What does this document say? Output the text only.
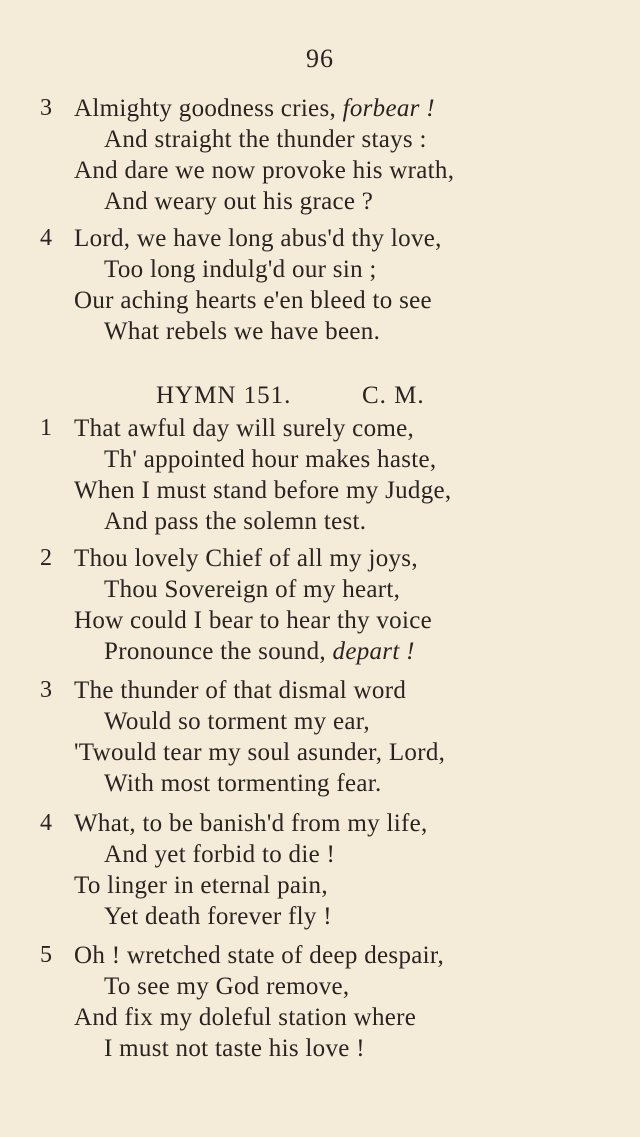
96
3 Almighty goodness cries, forbear !
And straight the thunder stays :
And dare we now provoke his wrath,
And weary out his grace ?
4 Lord, we have long abus'd thy love,
Too long indulg'd our sin ;
Our aching hearts e'en bleed to see
What rebels we have been.
HYMN 151.	C. M.
1 That awful day will surely come,
Th' appointed hour makes haste,
When I must stand before my Judge,
And pass the solemn test.
2 Thou lovely Chief of all my joys,
Thou Sovereign of my heart,
How could I bear to hear thy voice
Pronounce the sound, depart !
3 The thunder of that dismal word
Would so torment my ear,
'Twould tear my soul asunder, Lord,
With most tormenting fear.
4 What, to be banish'd from my life,
And yet forbid to die !
To linger in eternal pain,
Yet death forever fly !
5 Oh ! wretched state of deep despair,
To see my God remove,
And fix my doleful station where
I must not taste his love !
